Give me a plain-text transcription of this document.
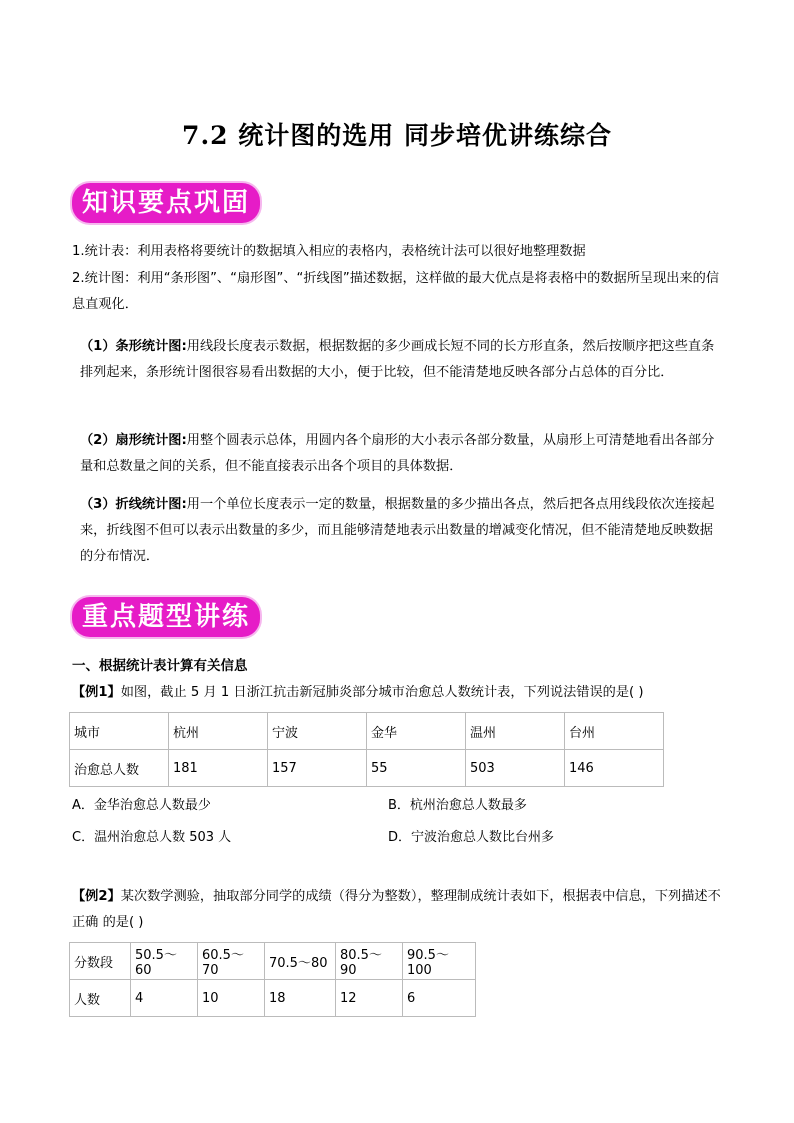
7.2 统计图的选用 同步培优讲练综合
知识要点巩固
1.统计表：利用表格将要统计的数据填入相应的表格内，表格统计法可以很好地整理数据
2.统计图：利用“条形图”、“扇形图”、“折线图”描述数据，这样做的最大优点是将表格中的数据所呈现出来的信息直观化．
（1）条形统计图:用线段长度表示数据，根据数据的多少画成长短不同的长方形直条，然后按顺序把这些直条排列起来，条形统计图很容易看出数据的大小，便于比较，但不能清楚地反映各部分占总体的百分比．
（2）扇形统计图:用整个圆表示总体，用圆内各个扇形的大小表示各部分数量，从扇形上可清楚地看出各部分量和总数量之间的关系，但不能直接表示出各个项目的具体数据．
（3）折线统计图:用一个单位长度表示一定的数量，根据数量的多少描出各点，然后把各点用线段依次连接起来，折线图不但可以表示出数量的多少，而且能够清楚地表示出数量的增减变化情况，但不能清楚地反映数据的分布情况．
重点题型讲练
一、根据统计表计算有关信息
【例1】如图，截止 5 月 1 日浙江抗击新冠肺炎部分城市治愈总人数统计表，下列说法错误的是( )
城市	杭州	宁波	金华	温州	台州
治愈总人数	181	157	55	503	146
A．金华治愈总人数最少	B．杭州治愈总人数最多
C．温州治愈总人数 503 人	D．宁波治愈总人数比台州多
【例2】某次数学测验，抽取部分同学的成绩（得分为整数），整理制成统计表如下，根据表中信息，下列描述不正确 的是( )
分数段	50.5～60	60.5～70	70.5～80	80.5～90	90.5～100
人数	4	10	18	12	6
